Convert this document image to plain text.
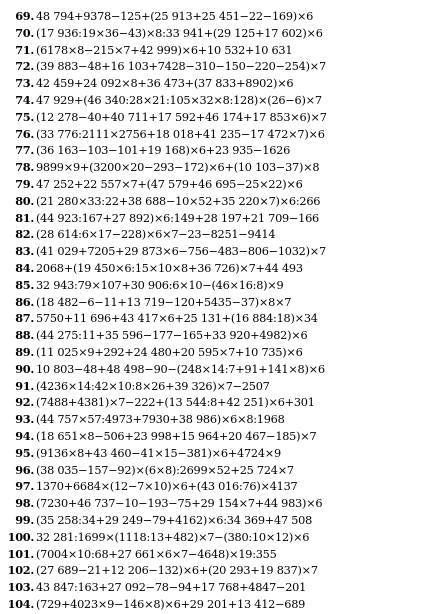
69. 48 794+9378−125+(25 913+25 451−22−169)×6
70. (17 936:19×36−43)×8:33 941+(29 125+17 602)×6
71. (6178×8−215×7+42 999)×6+10 532+10 631
72. (39 883−48+16 103+7428−310−150−220−254)×7
73. 42 459+24 092×8+36 473+(37 833+8902)×6
74. 47 929+(46 340:28×21:105×32×8:128)×(26−6)×7
75. (12 278−40+40 711+17 592+46 174+17 853×6)×7
76. (33 776:2111×2756+18 018+41 235−17 472×7)×6
77. (36 163−103−101+19 168)×6+23 935−1626
78. 9899×9+(3200×20−293−172)×6+(10 103−37)×8
79. 47 252+22 557×7+(47 579+46 695−25×22)×6
80. (21 280×33:22+38 688−10×52+35 220×7)×6:266
81. (44 923:167+27 892)×6:149+28 197+21 709−166
82. (28 614:6×17−228)×6×7−23−8251−9414
83. (41 029+7205+29 873×6−756−483−806−1032)×7
84. 2068+(19 450×6:15×10×8+36 726)×7+44 493
85. 32 943:79×107+30 906:6×10−(46×16:8)×9
86. (18 482−6−11+13 719−120+5435−37)×8×7
87. 5750+11 696+43 417×6+25 131+(16 884:18)×34
88. (44 275:11+35 596−177−165+33 920+4982)×6
89. (11 025×9+292+24 480+20 595×7+10 735)×6
90. 10 803−48+48 498−90−(248×14:7+91+141×8)×6
91. (4236×14:42×10:8×26+39 326)×7−2507
92. (7488+4381)×7−222+(13 544:8+42 251)×6+301
93. (44 757×57:4973+7930+38 986)×6×8:1968
94. (18 651×8−506+23 998+15 964+20 467−185)×7
95. (9136×8+43 460−41×15−381)×6+4724×9
96. (38 035−157−92)×(6×8):2699×52+25 724×7
97. 1370+6684×(12−7×10)×6+(43 016:76)×4137
98. (7230+46 737−10−193−75+29 154×7+44 983)×6
99. (35 258:34+29 249−79+4162)×6:34 369+47 508
100. 32 281:1699×(1118:13+482)×7−(380:10×12)×6
101. (7004×10:68+27 661×6×7−4648)×19:355
102. (27 689−21+12 206−132)×6+(20 293+19 837)×7
103. 43 847:163+27 092−78−94+17 768+4847−201
104. (729+4023×9−146×8)×6+29 201+13 412−689
